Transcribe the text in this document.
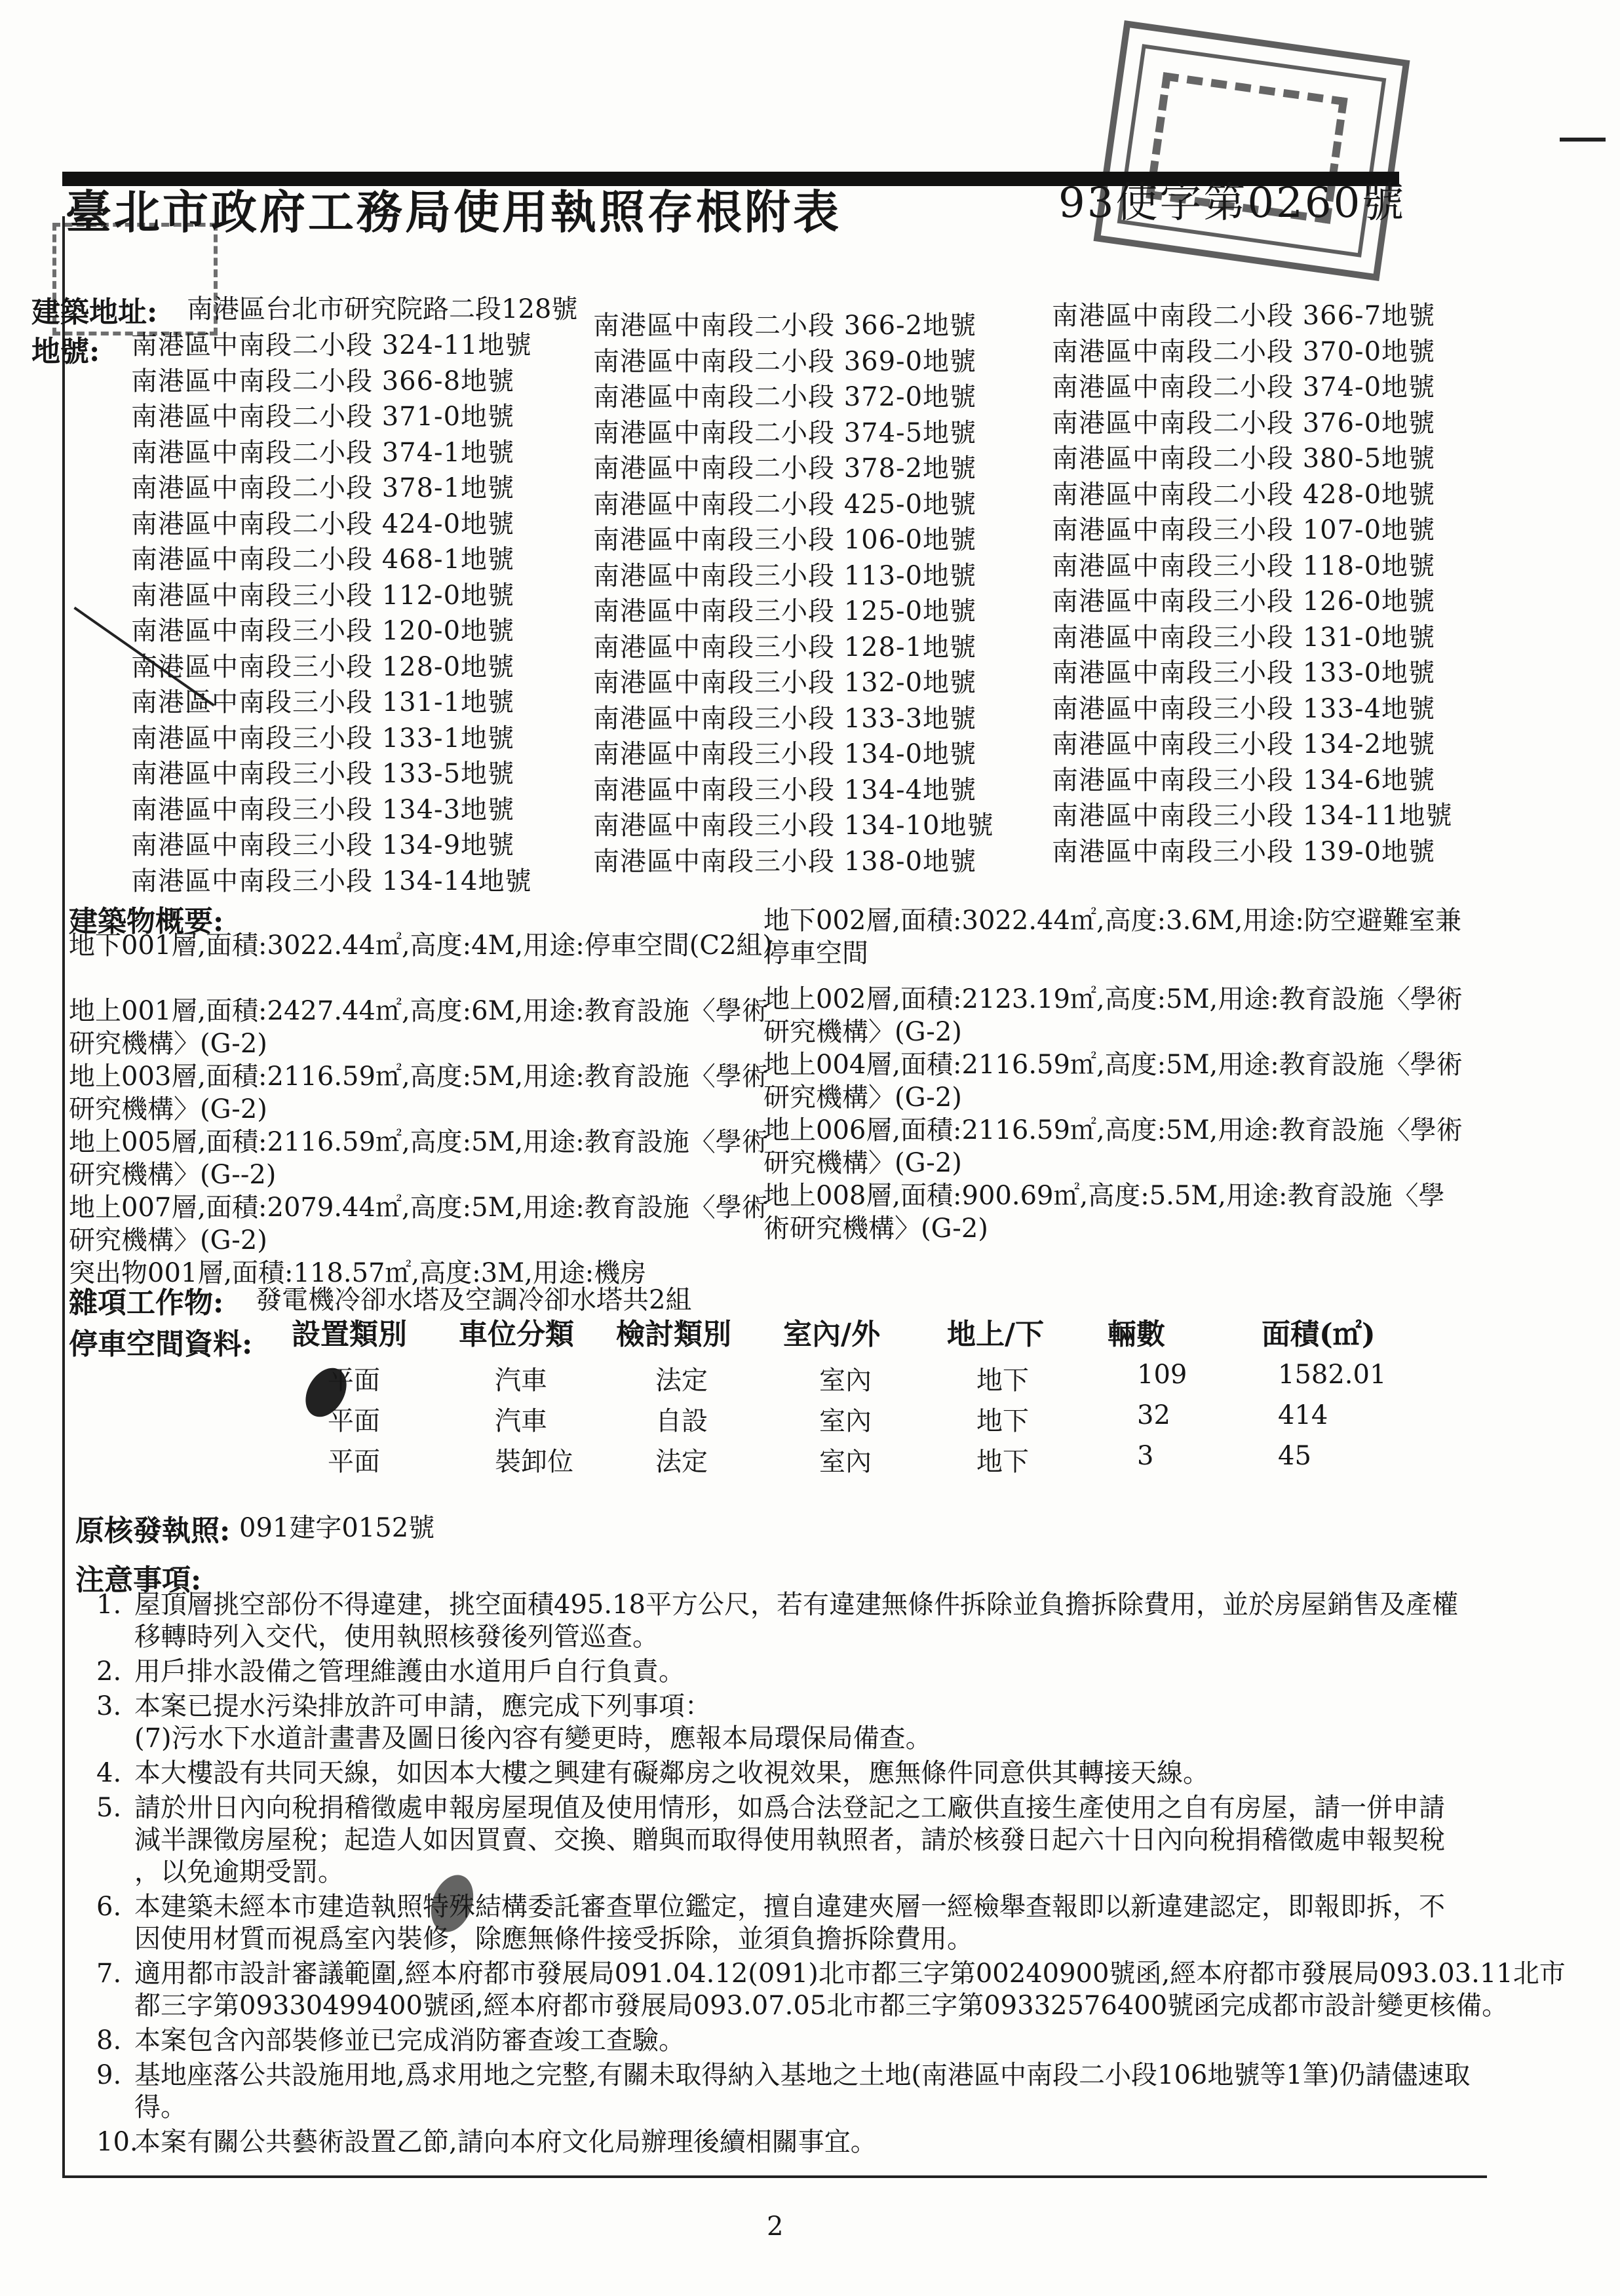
臺北市政府工務局使用執照存根附表	93使字第0260號
建築地址: 南港區台北市研究院路二段128號
地號: 南港區中南段二小段 324-11地號
南港區中南段二小段 366-8地號
南港區中南段二小段 371-0地號
南港區中南段二小段 374-1地號
南港區中南段二小段 378-1地號
南港區中南段二小段 424-0地號
南港區中南段二小段 468-1地號
南港區中南段三小段 112-0地號
南港區中南段三小段 120-0地號
南港區中南段三小段 128-0地號
南港區中南段三小段 131-1地號
南港區中南段三小段 133-1地號
南港區中南段三小段 133-5地號
南港區中南段三小段 134-3地號
南港區中南段三小段 134-9地號
南港區中南段三小段 134-14地號
南港區中南段二小段 366-2地號
南港區中南段二小段 369-0地號
南港區中南段二小段 372-0地號
南港區中南段二小段 374-5地號
南港區中南段二小段 378-2地號
南港區中南段二小段 425-0地號
南港區中南段三小段 106-0地號
南港區中南段三小段 113-0地號
南港區中南段三小段 125-0地號
南港區中南段三小段 128-1地號
南港區中南段三小段 132-0地號
南港區中南段三小段 133-3地號
南港區中南段三小段 134-0地號
南港區中南段三小段 134-4地號
南港區中南段三小段 134-10地號
南港區中南段三小段 138-0地號
南港區中南段二小段 366-7地號
南港區中南段二小段 370-0地號
南港區中南段二小段 374-0地號
南港區中南段二小段 376-0地號
南港區中南段二小段 380-5地號
南港區中南段二小段 428-0地號
南港區中南段三小段 107-0地號
南港區中南段三小段 118-0地號
南港區中南段三小段 126-0地號
南港區中南段三小段 131-0地號
南港區中南段三小段 133-0地號
南港區中南段三小段 133-4地號
南港區中南段三小段 134-2地號
南港區中南段三小段 134-6地號
南港區中南段三小段 134-11地號
南港區中南段三小段 139-0地號
建築物概要:
地下001層,面積:3022.44㎡,高度:4M,用途:停車空間(C2組)
地上001層,面積:2427.44㎡,高度:6M,用途:教育設施〈學術研究機構〉(G-2)
地上003層,面積:2116.59㎡,高度:5M,用途:教育設施〈學術研究機構〉(G-2)
地上005層,面積:2116.59㎡,高度:5M,用途:教育設施〈學術研究機構〉(G--2)
地上007層,面積:2079.44㎡,高度:5M,用途:教育設施〈學術研究機構〉(G-2)
突出物001層,面積:118.57㎡,高度:3M,用途:機房
地下002層,面積:3022.44㎡,高度:3.6M,用途:防空避難室兼停車空間
地上002層,面積:2123.19㎡,高度:5M,用途:教育設施〈學術研究機構〉(G-2)
地上004層,面積:2116.59㎡,高度:5M,用途:教育設施〈學術研究機構〉(G-2)
地上006層,面積:2116.59㎡,高度:5M,用途:教育設施〈學術研究機構〉(G-2)
地上008層,面積:900.69㎡,高度:5.5M,用途:教育設施〈學術研究機構〉(G-2)
雜項工作物: 發電機冷卻水塔及空調冷卻水塔共2組
停車空間資料: 設置類別 車位分類 檢討類別 室內/外 地上/下 輛數	面積(㎡)
平面	汽車	法定	室內	地下	109	1582.01
平面	汽車	自設	室內	地下	32	414
平面	裝卸位	法定	室內	地下	3	45
原核發執照: 091建字0152號
注意事項:
1. 屋頂層挑空部份不得違建，挑空面積495.18平方公尺，若有違建無條件拆除並負擔拆除費用，並於房屋銷售及產權
移轉時列入交代，使用執照核發後列管巡查。
2. 用戶排水設備之管理維護由水道用戶自行負責。
3. 本案已提水污染排放許可申請，應完成下列事項：
(7)污水下水道計畫書及圖日後內容有變更時，應報本局環保局備查。
4. 本大樓設有共同天線，如因本大樓之興建有礙鄰房之收視效果，應無條件同意供其轉接天線。
5. 請於卅日內向稅捐稽徵處申報房屋現值及使用情形，如爲合法登記之工廠供直接生產使用之自有房屋，請一併申請
減半課徵房屋稅；起造人如因買賣、交換、贈與而取得使用執照者，請於核發日起六十日內向稅捐稽徵處申報契稅
，以免逾期受罰。
6. 本建築未經本市建造執照特殊結構委託審查單位鑑定，擅自違建夾層一經檢舉查報即以新違建認定，即報即拆，不
因使用材質而視爲室內裝修，除應無條件接受拆除，並須負擔拆除費用。
7. 適用都市設計審議範圍,經本府都市發展局091.04.12(091)北市都三字第00240900號函,經本府都市發展局093.03.11北市
都三字第09330499400號函,經本府都市發展局093.07.05北市都三字第09332576400號函完成都市設計變更核備。
8. 本案包含內部裝修並已完成消防審查竣工查驗。
9. 基地座落公共設施用地,爲求用地之完整,有關未取得納入基地之土地(南港區中南段二小段106地號等1筆)仍請儘速取
得。
10.
本案有關公共藝術設置乙節,請向本府文化局辦理後續相關事宜。
2
